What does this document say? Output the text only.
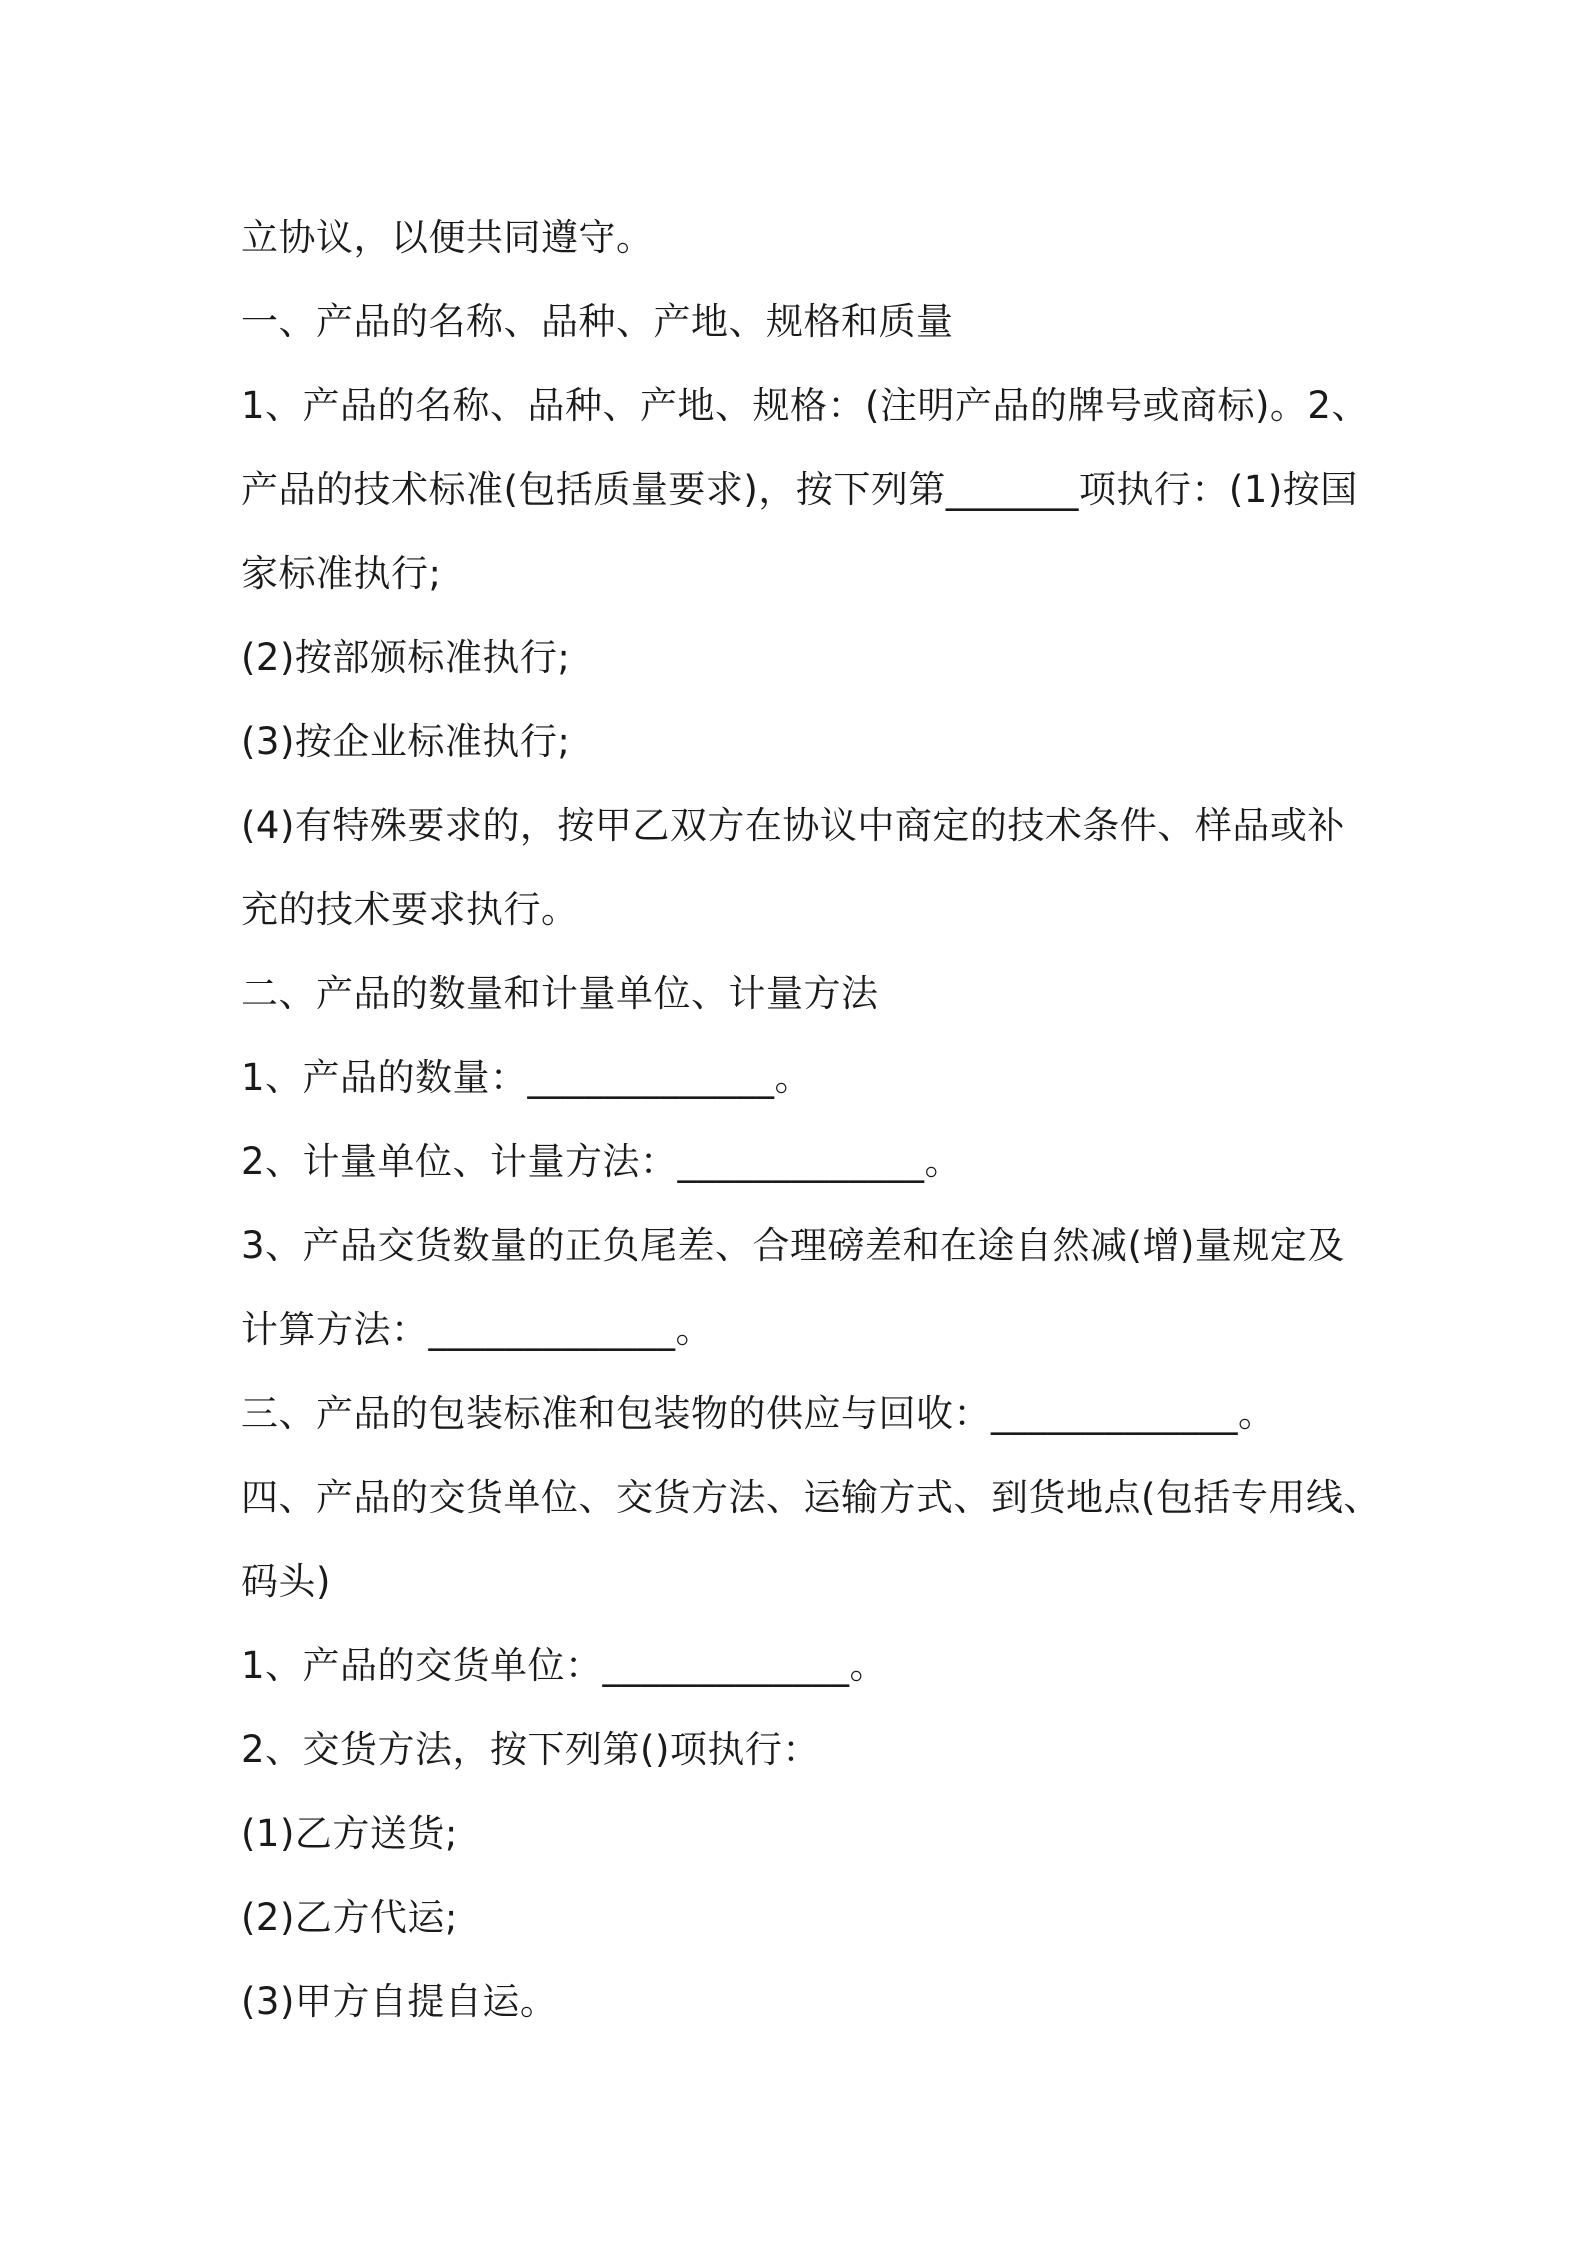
立协议，以便共同遵守。

一、产品的名称、品种、产地、规格和质量

1、产品的名称、品种、产地、规格：(注明产品的牌号或商标)。2、

产品的技术标准(包括质量要求)，按下列第_______项执行：(1)按国

家标准执行;

(2)按部颁标准执行;

(3)按企业标准执行;

(4)有特殊要求的，按甲乙双方在协议中商定的技术条件、样品或补

充的技术要求执行。

二、产品的数量和计量单位、计量方法

1、产品的数量：_____________。

2、计量单位、计量方法：_____________。

3、产品交货数量的正负尾差、合理磅差和在途自然减(增)量规定及

计算方法：_____________。

三、产品的包装标准和包装物的供应与回收：_____________。

四、产品的交货单位、交货方法、运输方式、到货地点(包括专用线、

码头)

1、产品的交货单位：_____________。

2、交货方法，按下列第()项执行：

(1)乙方送货;

(2)乙方代运;

(3)甲方自提自运。
